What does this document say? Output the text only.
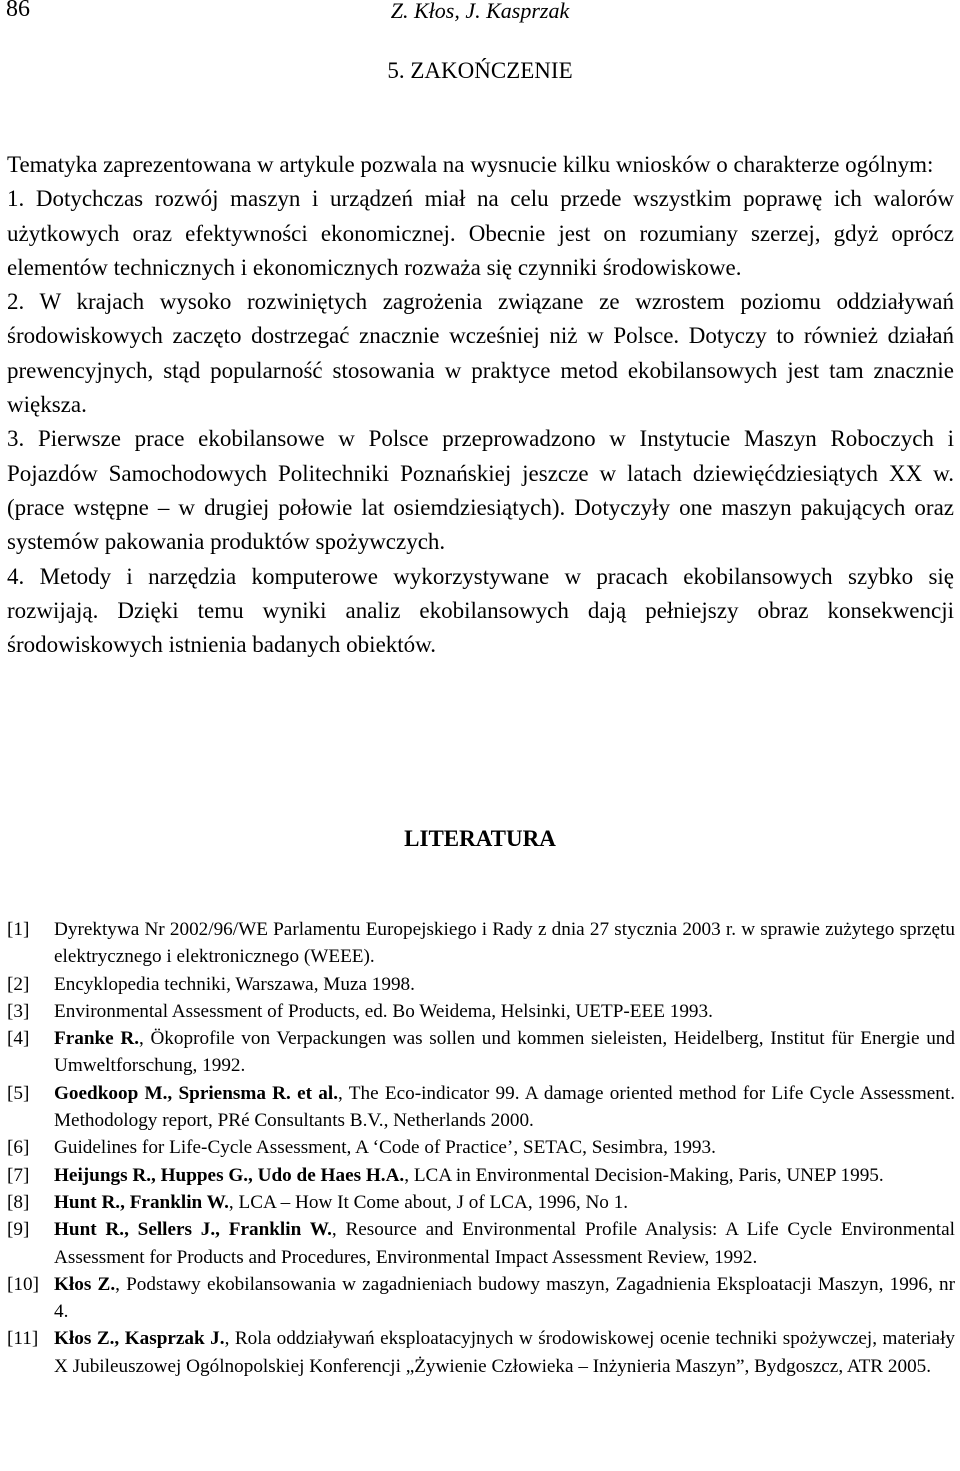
86	Z. Kłos, J. Kasprzak
5. ZAKOŃCZENIE

Tematyka zaprezentowana w artykule pozwala na wysnucie kilku wniosków o charakterze ogólnym:

1. Dotychczas rozwój maszyn i urządzeń miał na celu przede wszystkim poprawę ich walorów użytkowych oraz efektywności ekonomicznej. Obecnie jest on rozumiany szerzej, gdyż oprócz elementów technicznych i ekonomicznych rozważa się czynniki środowiskowe.

2. W krajach wysoko rozwiniętych zagrożenia związane ze wzrostem poziomu oddziaływań środowiskowych zaczęto dostrzegać znacznie wcześniej niż w Polsce. Dotyczy to również działań prewencyjnych, stąd popularność stosowania w praktyce metod ekobilansowych jest tam znacznie większa.

3. Pierwsze prace ekobilansowe w Polsce przeprowadzono w Instytucie Maszyn Roboczych i Pojazdów Samochodowych Politechniki Poznańskiej jeszcze w latach dziewięćdziesiątych XX w. (prace wstępne – w drugiej połowie lat osiemdziesiątych). Dotyczyły one maszyn pakujących oraz systemów pakowania produktów spożywczych.

4. Metody i narzędzia komputerowe wykorzystywane w pracach ekobilansowych szybko się rozwijają. Dzięki temu wyniki analiz ekobilansowych dają pełniejszy obraz konsekwencji środowiskowych istnienia badanych obiektów.

LITERATURA
[1] Dyrektywa Nr 2002/96/WE Parlamentu Europejskiego i Rady z dnia 27 stycznia 2003 r. w sprawie zużytego sprzętu elektrycznego i elektronicznego (WEEE).
[2] Encyklopedia techniki, Warszawa, Muza 1998.
[3] Environmental Assessment of Products, ed. Bo Weidema, Helsinki, UETP-EEE 1993.
[4] Franke R., Ökoprofile von Verpackungen was sollen und kommen sieleisten, Heidelberg, Institut für Energie und Umweltforschung, 1992.
[5] Goedkoop M., Spriensma R. et al., The Eco-indicator 99. A damage oriented method for Life Cycle Assessment. Methodology report, PRé Consultants B.V., Netherlands 2000.
[6] Guidelines for Life-Cycle Assessment, A ‘Code of Practice’, SETAC, Sesimbra, 1993.
[7] Heijungs R., Huppes G., Udo de Haes H.A., LCA in Environmental Decision-Making, Paris, UNEP 1995.
[8] Hunt R., Franklin W., LCA – How It Come about, J of LCA, 1996, No 1.
[9] Hunt R., Sellers J., Franklin W., Resource and Environmental Profile Analysis: A Life Cycle Environmental Assessment for Products and Procedures, Environmental Impact Assessment Review, 1992.
[10] Kłos Z., Podstawy ekobilansowania w zagadnieniach budowy maszyn, Zagadnienia Eksploatacji Maszyn, 1996, nr 4.
[11] Kłos Z., Kasprzak J., Rola oddziaływań eksploatacyjnych w środowiskowej ocenie techniki spożywczej, materiały X Jubileuszowej Ogólnopolskiej Konferencji „Żywienie Człowieka – Inżynieria Maszyn”, Bydgoszcz, ATR 2005.
